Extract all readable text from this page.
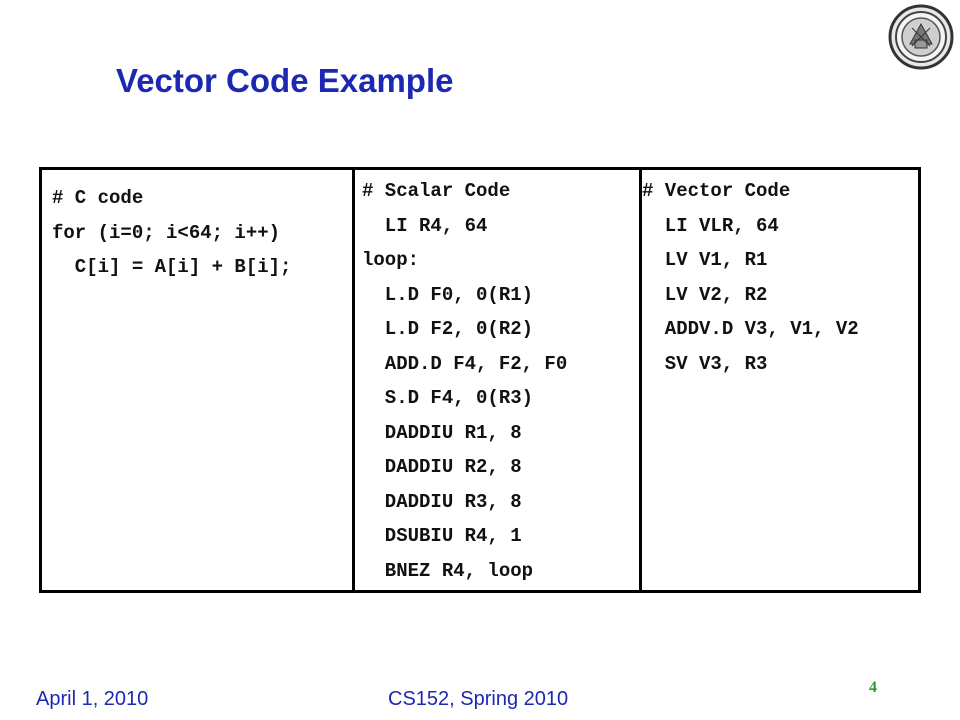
Vector Code Example
# C code
for (i=0; i<64; i++)
C[i] = A[i] + B[i];
# Scalar Code
LI R4, 64
loop:
L.D F0, 0(R1)
L.D F2, 0(R2)
ADD.D F4, F2, F0
S.D F4, 0(R3)
DADDIU R1, 8
DADDIU R2, 8
DADDIU R3, 8
DSUBIU R4, 1
BNEZ R4, loop
# Vector Code
LI VLR, 64
LV V1, R1
LV V2, R2
ADDV.D V3, V1, V2
SV V3, R3
April 1, 2010	CS152, Spring 2010
4
